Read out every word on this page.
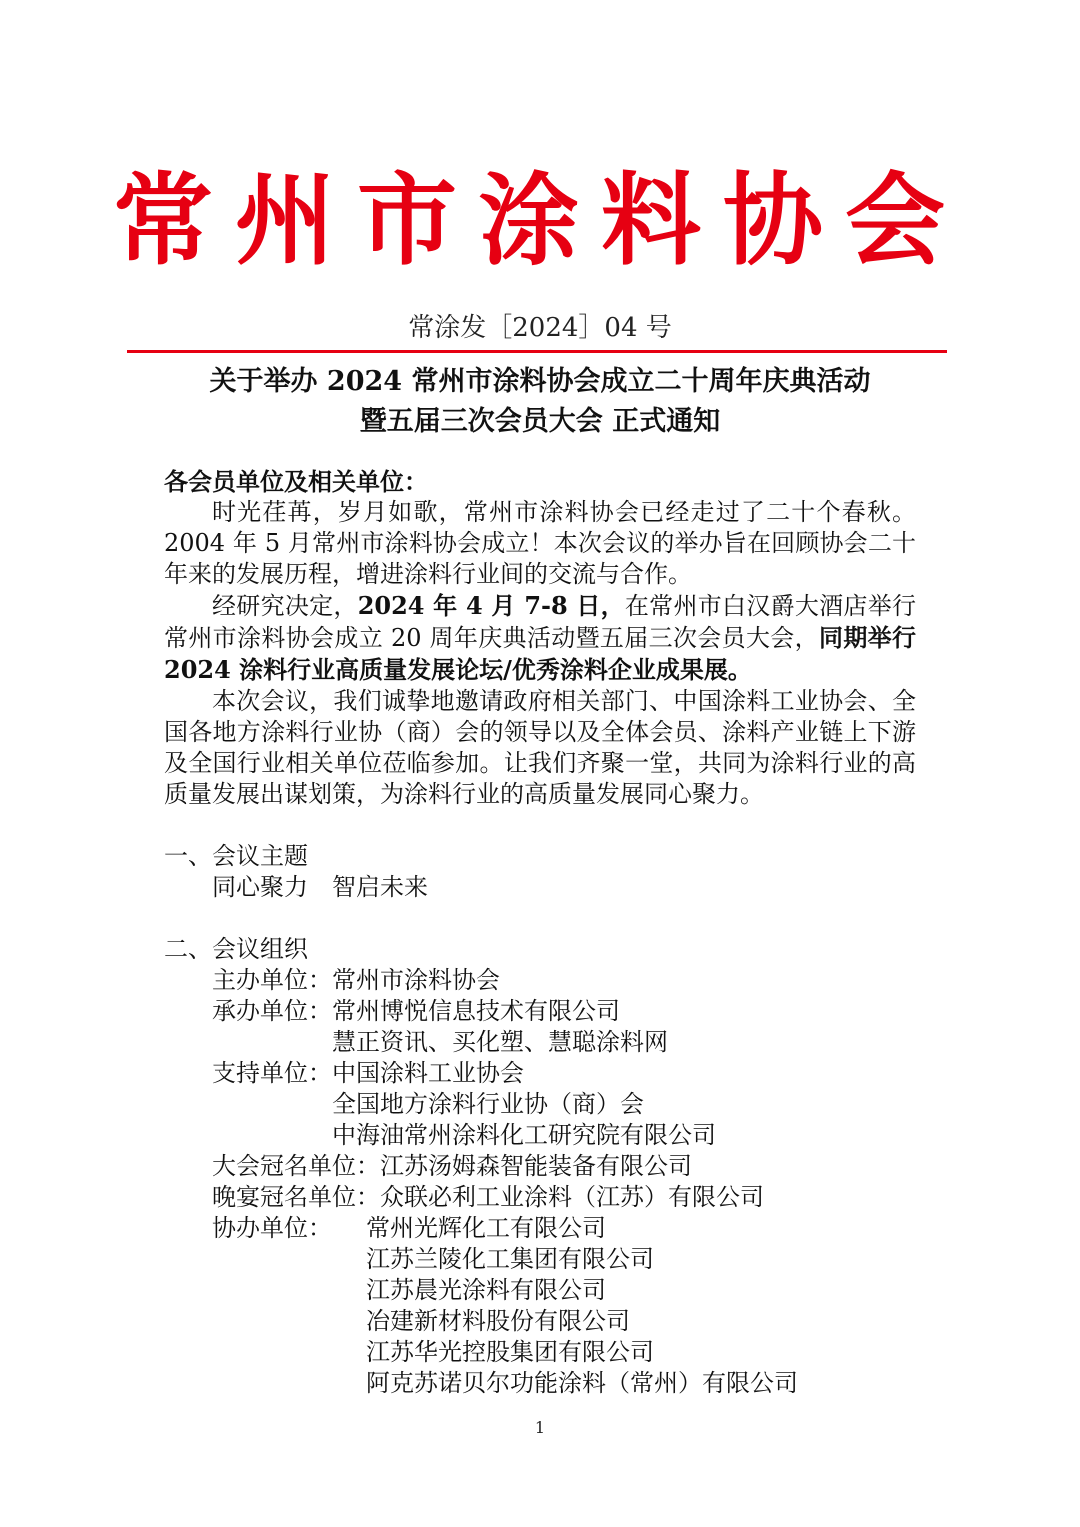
常州市涂料协会
常涂发［2024］04 号
关于举办 2024 常州市涂料协会成立二十周年庆典活动
暨五届三次会员大会 正式通知

各会员单位及相关单位：

时光荏苒，岁月如歌，常州市涂料协会已经走过了二十个春秋。2004 年 5 月常州市涂料协会成立！本次会议的举办旨在回顾协会二十年来的发展历程，增进涂料行业间的交流与合作。

经研究决定，2024 年 4 月 7-8 日，在常州市白汉爵大酒店举行常州市涂料协会成立 20 周年庆典活动暨五届三次会员大会，同期举行 2024 涂料行业高质量发展论坛/优秀涂料企业成果展。

本次会议，我们诚挚地邀请政府相关部门、中国涂料工业协会、全国各地方涂料行业协（商）会的领导以及全体会员、涂料产业链上下游及全国行业相关单位莅临参加。让我们齐聚一堂，共同为涂料行业的高质量发展出谋划策，为涂料行业的高质量发展同心聚力。

一、会议主题

同心聚力　智启未来

二、会议组织

主办单位： 常州市涂料协会
承办单位： 常州博悦信息技术有限公司
慧正资讯、买化塑、慧聪涂料网
支持单位： 中国涂料工业协会
全国地方涂料行业协（商）会
中海油常州涂料化工研究院有限公司
大会冠名单位： 江苏汤姆森智能装备有限公司
晚宴冠名单位： 众联必利工业涂料（江苏）有限公司
协办单位：	常州光辉化工有限公司
江苏兰陵化工集团有限公司
江苏晨光涂料有限公司
冶建新材料股份有限公司
江苏华光控股集团有限公司
阿克苏诺贝尔功能涂料（常州）有限公司
1
